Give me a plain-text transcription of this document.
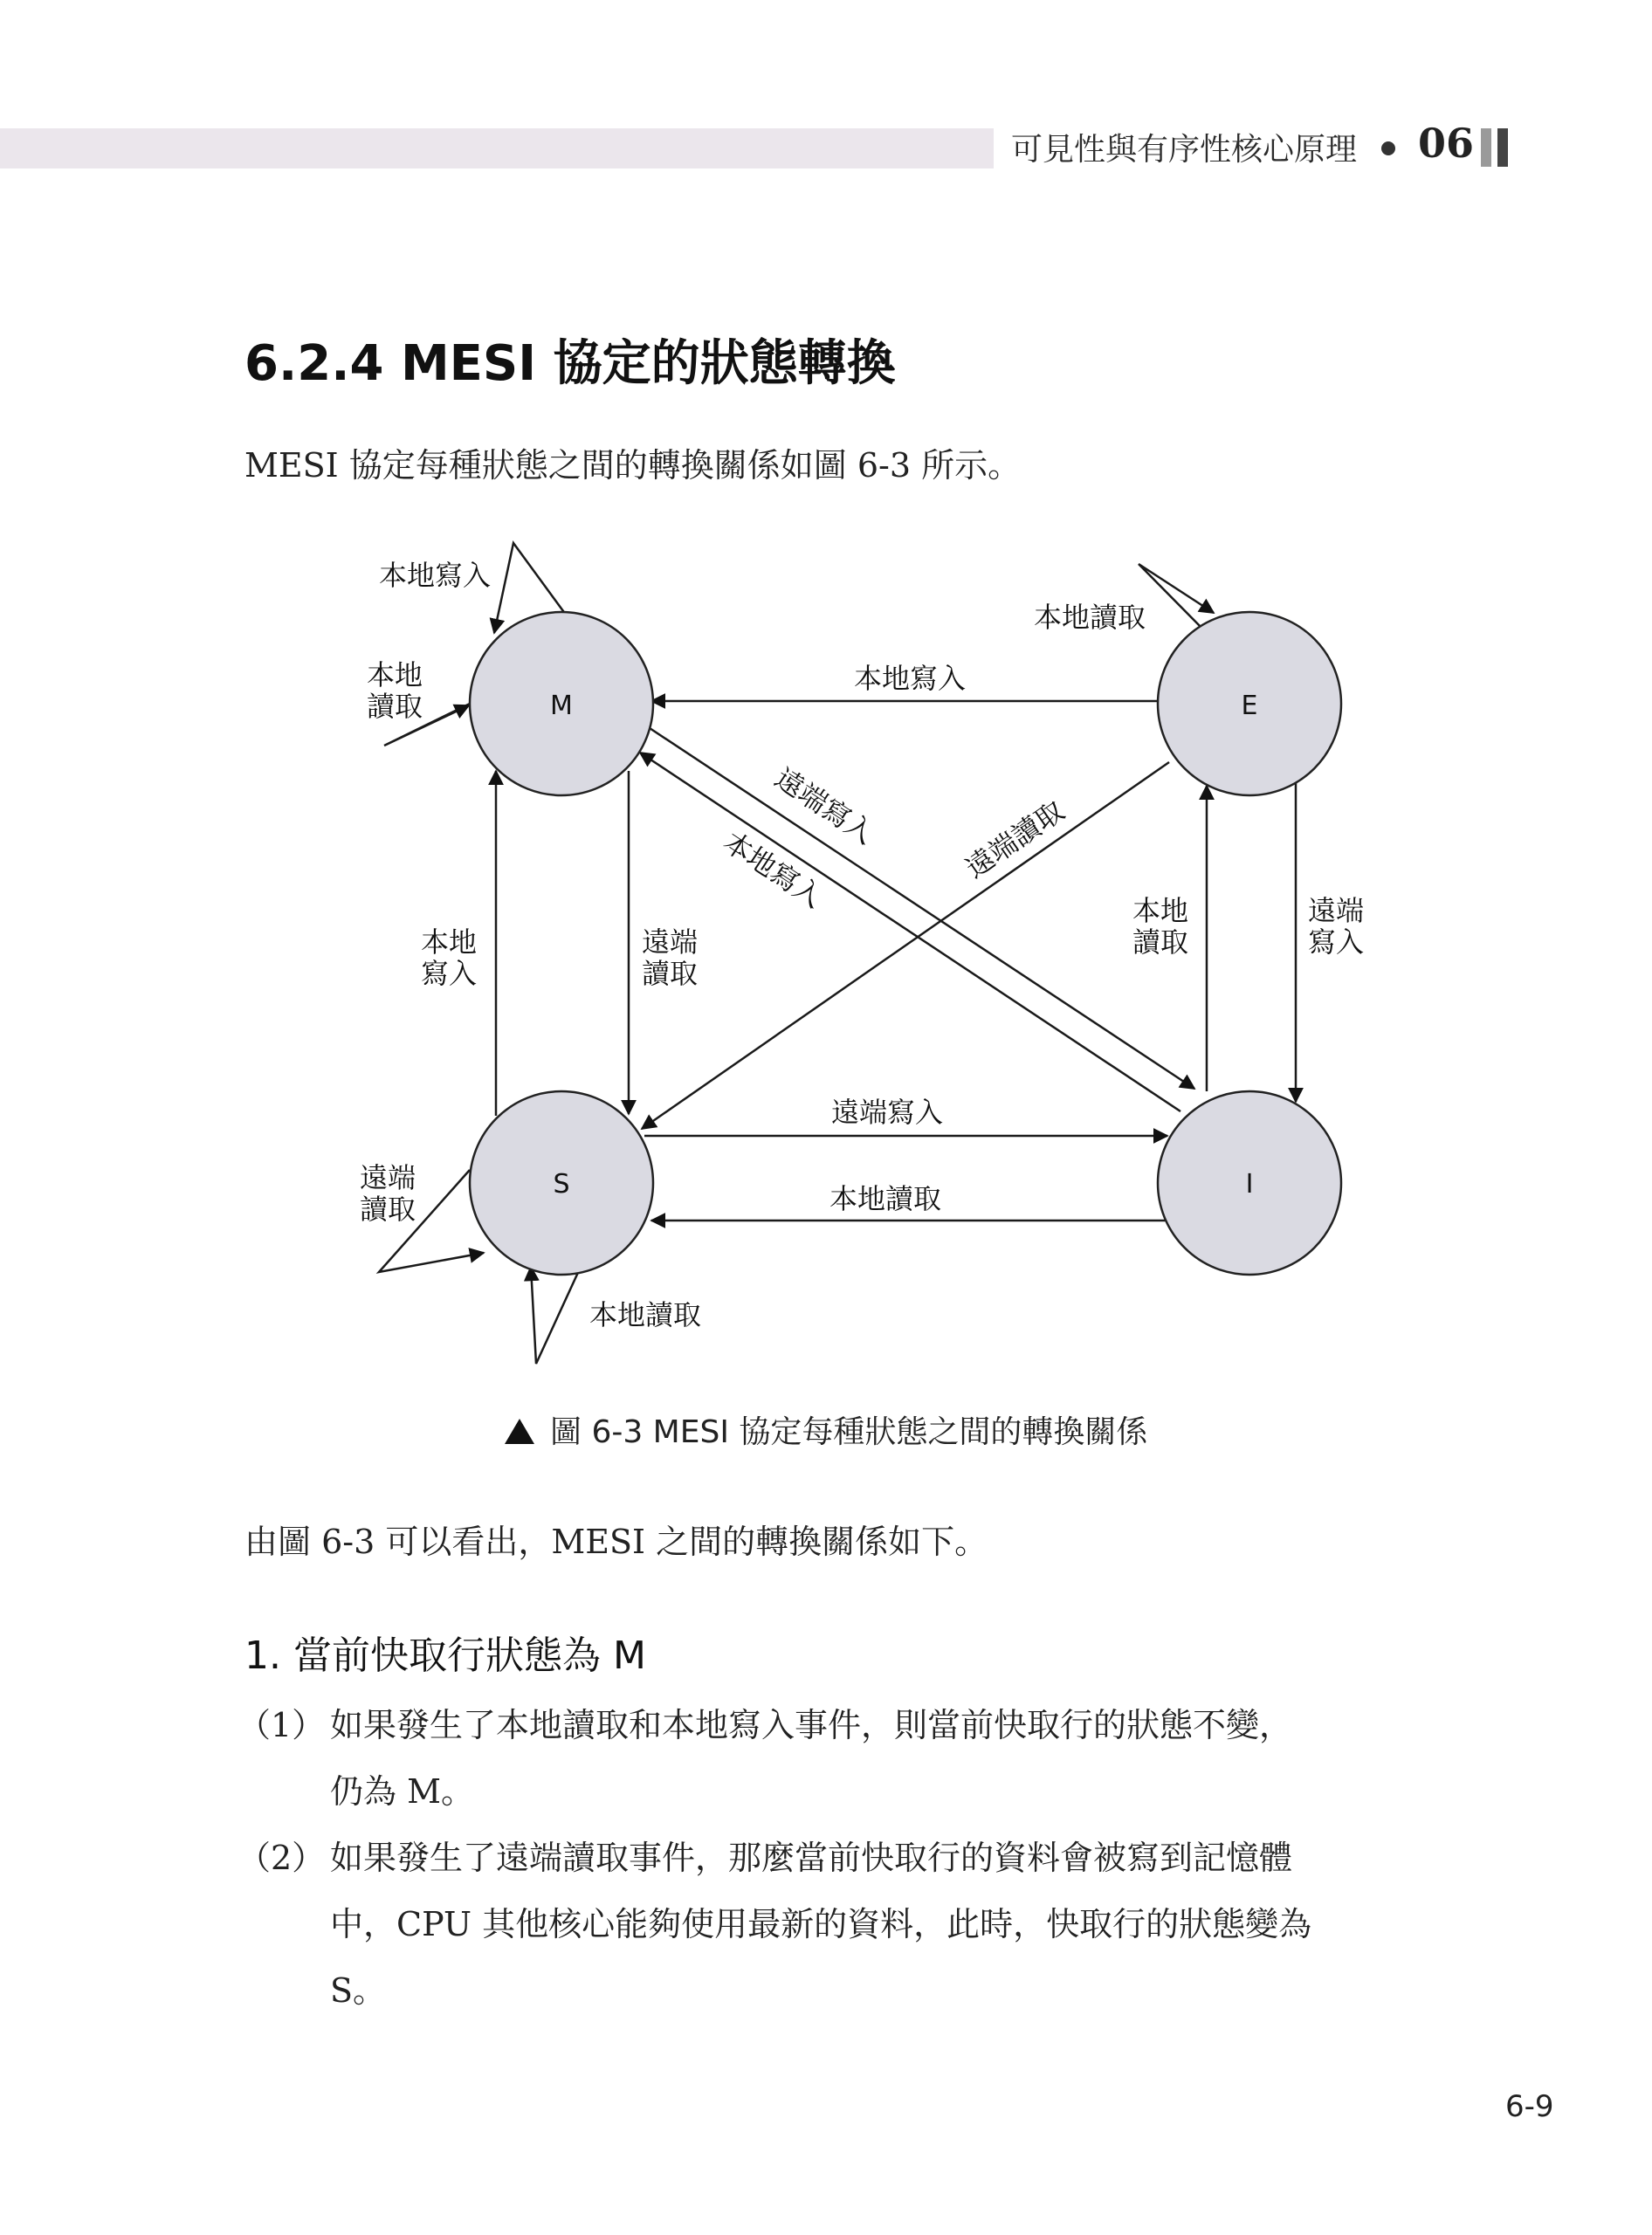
可見性與有序性核心原理 06
6.2.4 MESI 協定的狀態轉換
MESI 協定每種狀態之間的轉換關係如圖 6-3 所示。
M	E
S	I
本地寫入
本地
讀取
本地讀取
本地寫入
遠端寫入
本地寫入	遠端讀取
本地
寫入
遠端
讀取
本地
讀取
遠端
寫入
遠端寫入
本地讀取
遠端
讀取
本地讀取
圖 6-3 MESI 協定每種狀態之間的轉換關係
由圖 6-3 可以看出，MESI 之間的轉換關係如下。
1. 當前快取行狀態為 M
（1） 如果發生了本地讀取和本地寫入事件，則當前快取行的狀態不變，
仍為 M。
（2） 如果發生了遠端讀取事件，那麼當前快取行的資料會被寫到記憶體
中，CPU 其他核心能夠使用最新的資料，此時，快取行的狀態變為
S。
6-9
